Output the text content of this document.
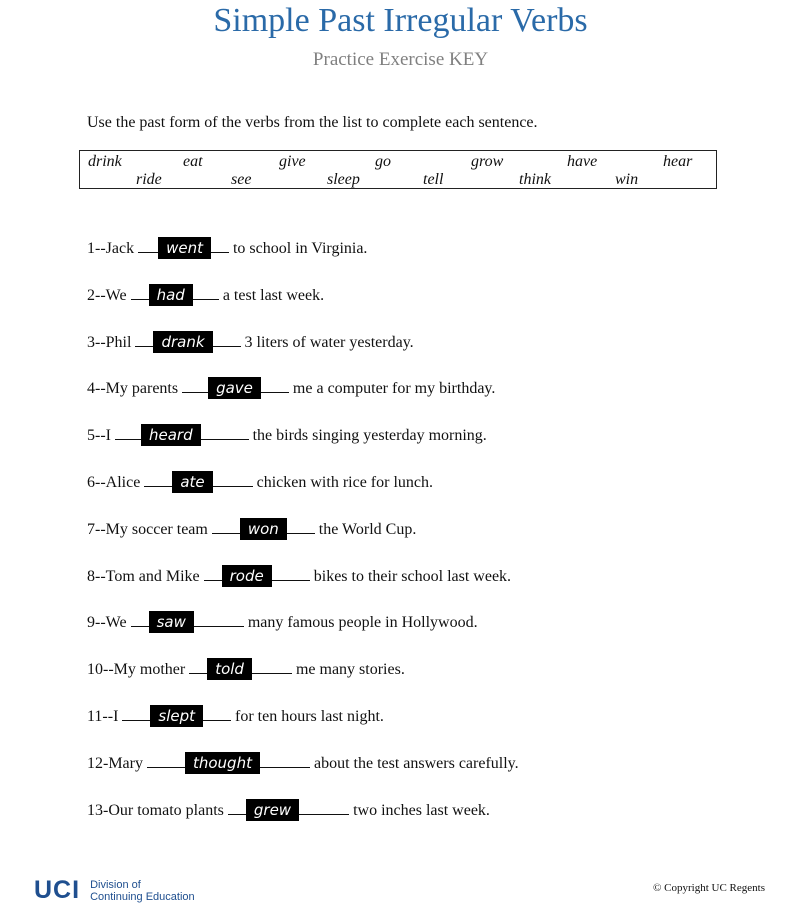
Simple Past Irregular Verbs

Practice Exercise KEY

Use the past form of the verbs from the list to complete each sentence.

drink	eat	give	go	grow	have	hear
ride	see	sleep	tell	think	win
1--Jack went to school in Virginia.
2--We had a test last week.
3--Phil drank	3 liters of water yesterday.
4--My parents	gave	me a computer for my birthday.
5--I	heard	the birds singing yesterday morning.
6--Alice	ate	chicken with rice for lunch.
7--My soccer team	won	the World Cup.
8--Tom and Mike rode	bikes to their school last week.
9--We saw	many famous people in Hollywood.
10--My mother told	me many stories.
11--I	slept	for ten hours last night.
12-Mary	thought	about the test answers carefully.
13-Our tomato plants grew	two inches last week.
UCI Division of
Continuing Education
© Copyright UC Regents
